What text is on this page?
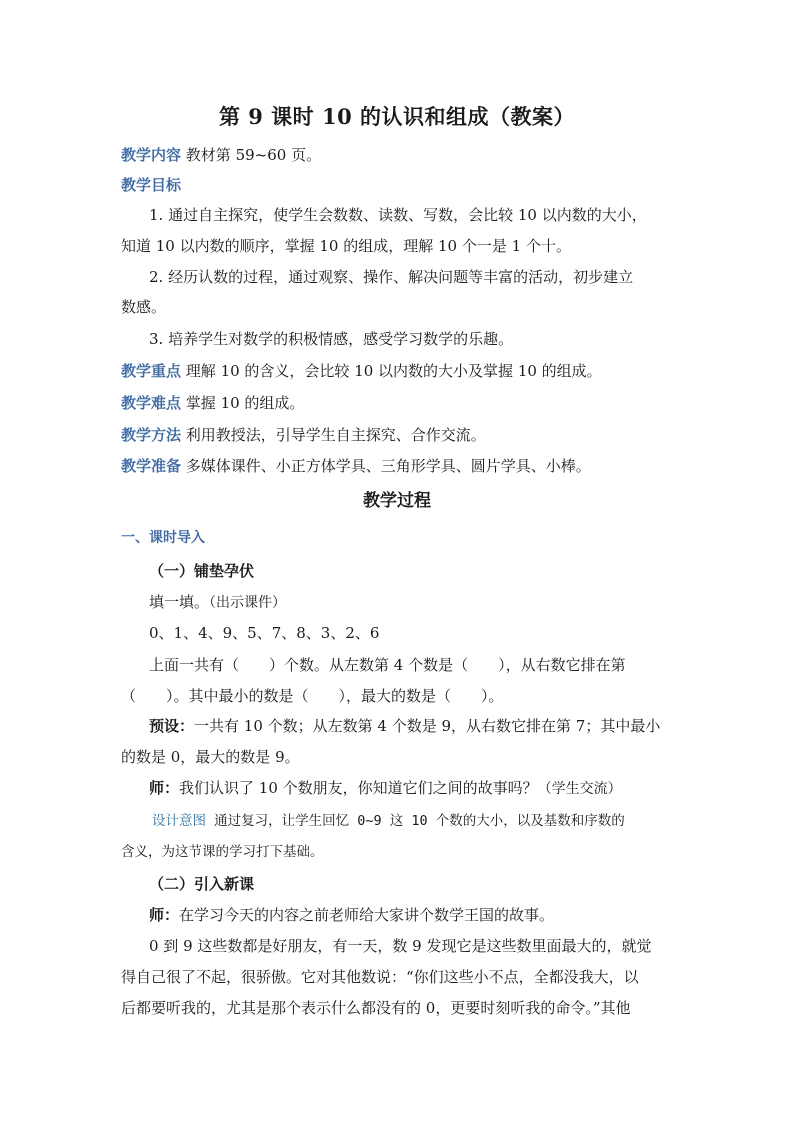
第 9 课时 10 的认识和组成（教案）
教学内容 教材第 59~60 页。
教学目标
1. 通过自主探究，使学生会数数、读数、写数，会比较 10 以内数的大小，
知道 10 以内数的顺序，掌握 10 的组成，理解 10 个一是 1 个十。
2. 经历认数的过程，通过观察、操作、解决问题等丰富的活动，初步建立
数感。
3. 培养学生对数学的积极情感，感受学习数学的乐趣。
教学重点 理解 10 的含义，会比较 10 以内数的大小及掌握 10 的组成。
教学难点 掌握 10 的组成。
教学方法 利用教授法，引导学生自主探究、合作交流。
教学准备 多媒体课件、小正方体学具、三角形学具、圆片学具、小棒。
教学过程
一、课时导入
（一）铺垫孕伏
填一填。（出示课件）
0、1、4、9、5、7、8、3、2、6
上面一共有（　　）个数。从左数第 4 个数是（　　），从右数它排在第
（　　）。其中最小的数是（　　），最大的数是（　　）。
预设：一共有 10 个数；从左数第 4 个数是 9，从右数它排在第 7；其中最小
的数是 0，最大的数是 9。
师：我们认识了 10 个数朋友，你知道它们之间的故事吗？（学生交流）
设计意图 通过复习，让学生回忆 0~9 这 10 个数的大小，以及基数和序数的
含义，为这节课的学习打下基础。
（二）引入新课
师：在学习今天的内容之前老师给大家讲个数学王国的故事。
0 到 9 这些数都是好朋友，有一天，数 9 发现它是这些数里面最大的，就觉
得自己很了不起，很骄傲。它对其他数说：“你们这些小不点，全都没我大，以
后都要听我的，尤其是那个表示什么都没有的 0，更要时刻听我的命令。”其他
